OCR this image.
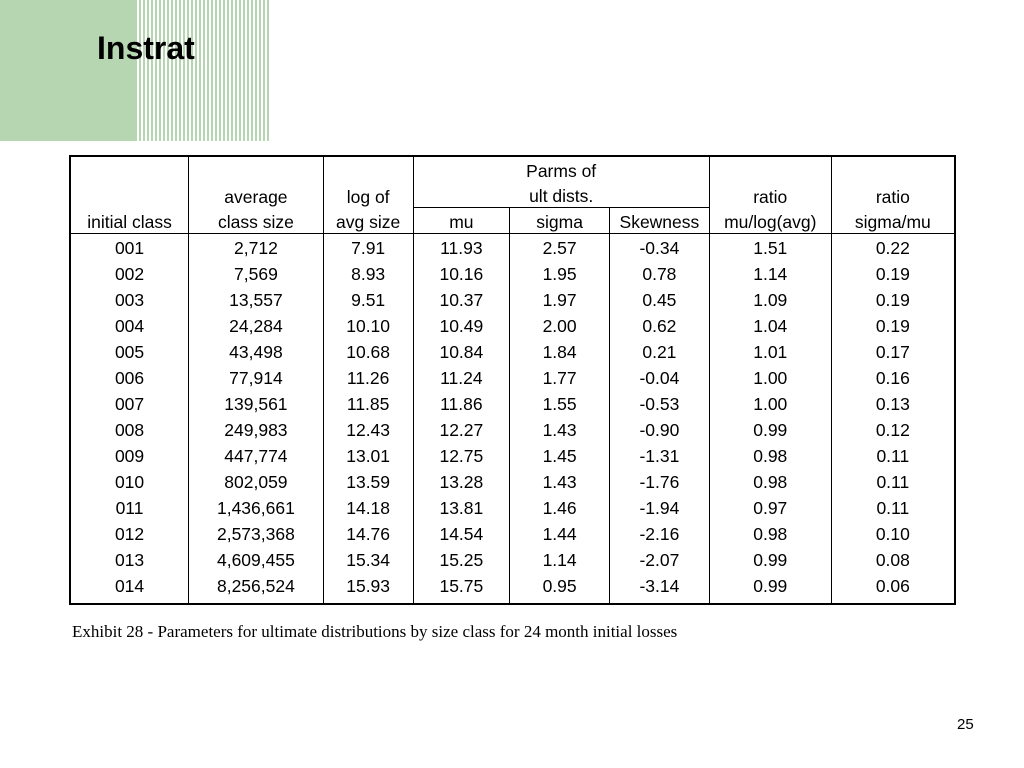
Instrat
			Parms of				
	average	log of	ult dists.			ratio	ratio
initial class	class size	avg size	mu	sigma	Skewness	mu/log(avg)	sigma/mu
001	2,712	7.91	11.93	2.57	-0.34	1.51	0.22
002	7,569	8.93	10.16	1.95	0.78	1.14	0.19
003	13,557	9.51	10.37	1.97	0.45	1.09	0.19
004	24,284	10.10	10.49	2.00	0.62	1.04	0.19
005	43,498	10.68	10.84	1.84	0.21	1.01	0.17
006	77,914	11.26	11.24	1.77	-0.04	1.00	0.16
007	139,561	11.85	11.86	1.55	-0.53	1.00	0.13
008	249,983	12.43	12.27	1.43	-0.90	0.99	0.12
009	447,774	13.01	12.75	1.45	-1.31	0.98	0.11
010	802,059	13.59	13.28	1.43	-1.76	0.98	0.11
011	1,436,661	14.18	13.81	1.46	-1.94	0.97	0.11
012	2,573,368	14.76	14.54	1.44	-2.16	0.98	0.10
013	4,609,455	15.34	15.25	1.14	-2.07	0.99	0.08
014	8,256,524	15.93	15.75	0.95	-3.14	0.99	0.06

Exhibit 28 - Parameters for ultimate distributions by size class for 24 month initial losses

25
